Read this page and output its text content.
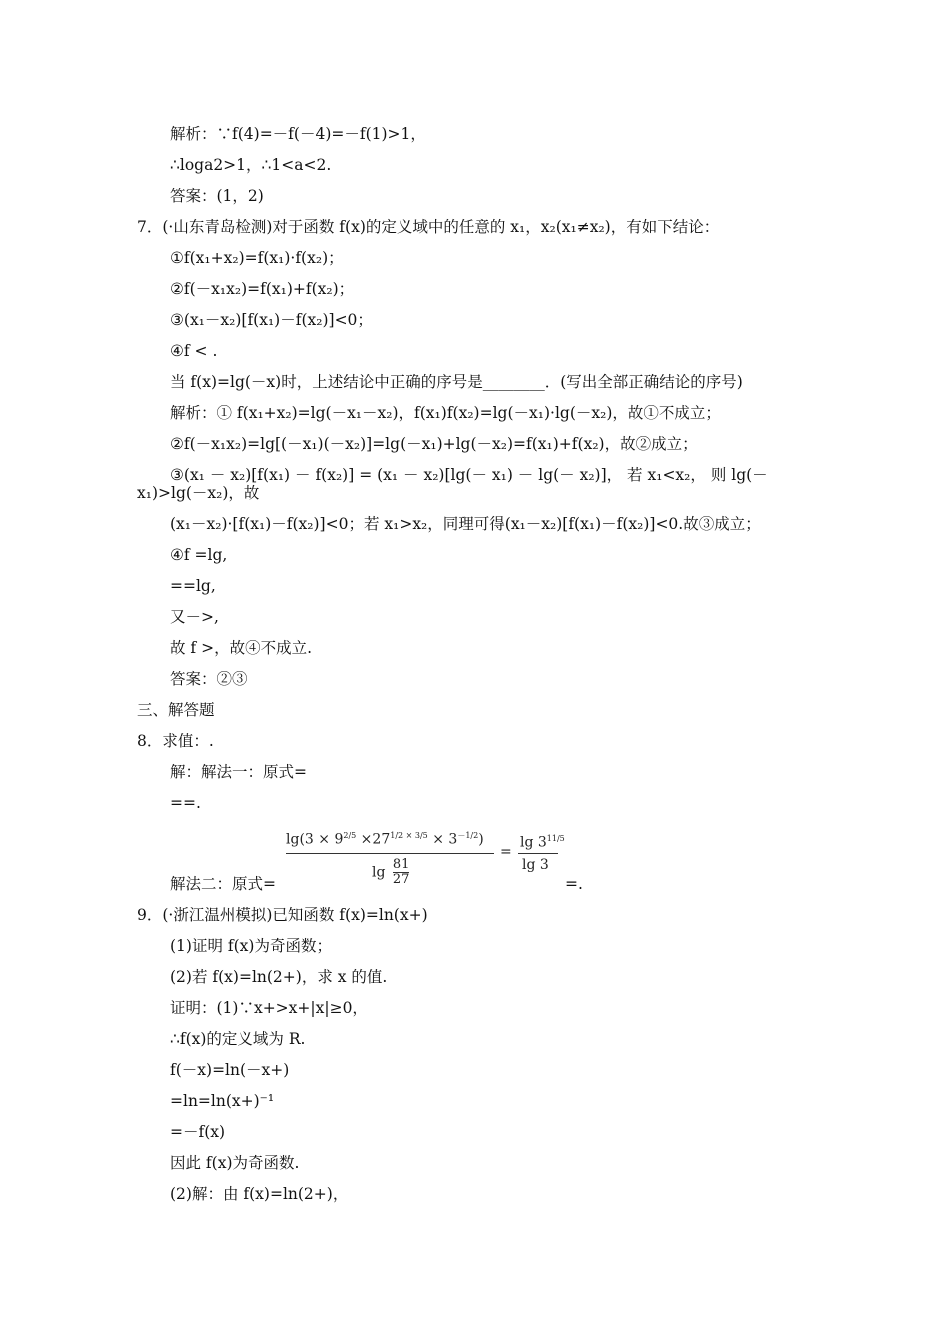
解析：∵f(4)=－f(－4)=－f(1)>1，
∴loga2>1，∴1<a<2.
答案：(1，2)
7．(·山东青岛检测)对于函数 f(x)的定义域中的任意的 x₁，x₂(x₁≠x₂)，有如下结论：
①f(x₁+x₂)=f(x₁)·f(x₂)；
②f(－x₁x₂)=f(x₁)+f(x₂)；
③(x₁－x₂)[f(x₁)－f(x₂)]<0；
④f < .
当 f(x)=lg(－x)时，上述结论中正确的序号是________．(写出全部正确结论的序号)
解析：① f(x₁+x₂)=lg(－x₁－x₂)，f(x₁)f(x₂)=lg(－x₁)·lg(－x₂)，故①不成立；
②f(－x₁x₂)=lg[(－x₁)(－x₂)]=lg(－x₁)+lg(－x₂)=f(x₁)+f(x₂)，故②成立；
③(x₁ － x₂)[f(x₁) － f(x₂)] = (x₁ － x₂)[lg(－ x₁) － lg(－ x₂)]， 若 x₁<x₂， 则 lg(－
x₁)>lg(－x₂)，故
(x₁－x₂)·[f(x₁)－f(x₂)]<0；若 x₁>x₂，同理可得(x₁－x₂)[f(x₁)－f(x₂)]<0.故③成立；
④f =lg,
==lg,
又－>,
故 f >，故④不成立.
答案：②③
三、解答题
8．求值：.
解：解法一：原式=
==.
解法二：原式=
9．(·浙江温州模拟)已知函数 f(x)=ln(x+)
(1)证明 f(x)为奇函数；
(2)若 f(x)=ln(2+)，求 x 的值.
证明：(1)∵x+>x+|x|≥0，
∴f(x)的定义域为 R.
f(－x)=ln(－x+)
=ln=ln(x+)⁻¹
=－f(x)
因此 f(x)为奇函数.
(2)解：由 f(x)=ln(2+)，
$\lg(3 \times 9^{2/5} \times 27^{1/2 \times 3/5} \times 3^{-1/2})$
$\lg \frac{81}{27}$
=
$\lg 3^{11/5}$
lg 3
=.
